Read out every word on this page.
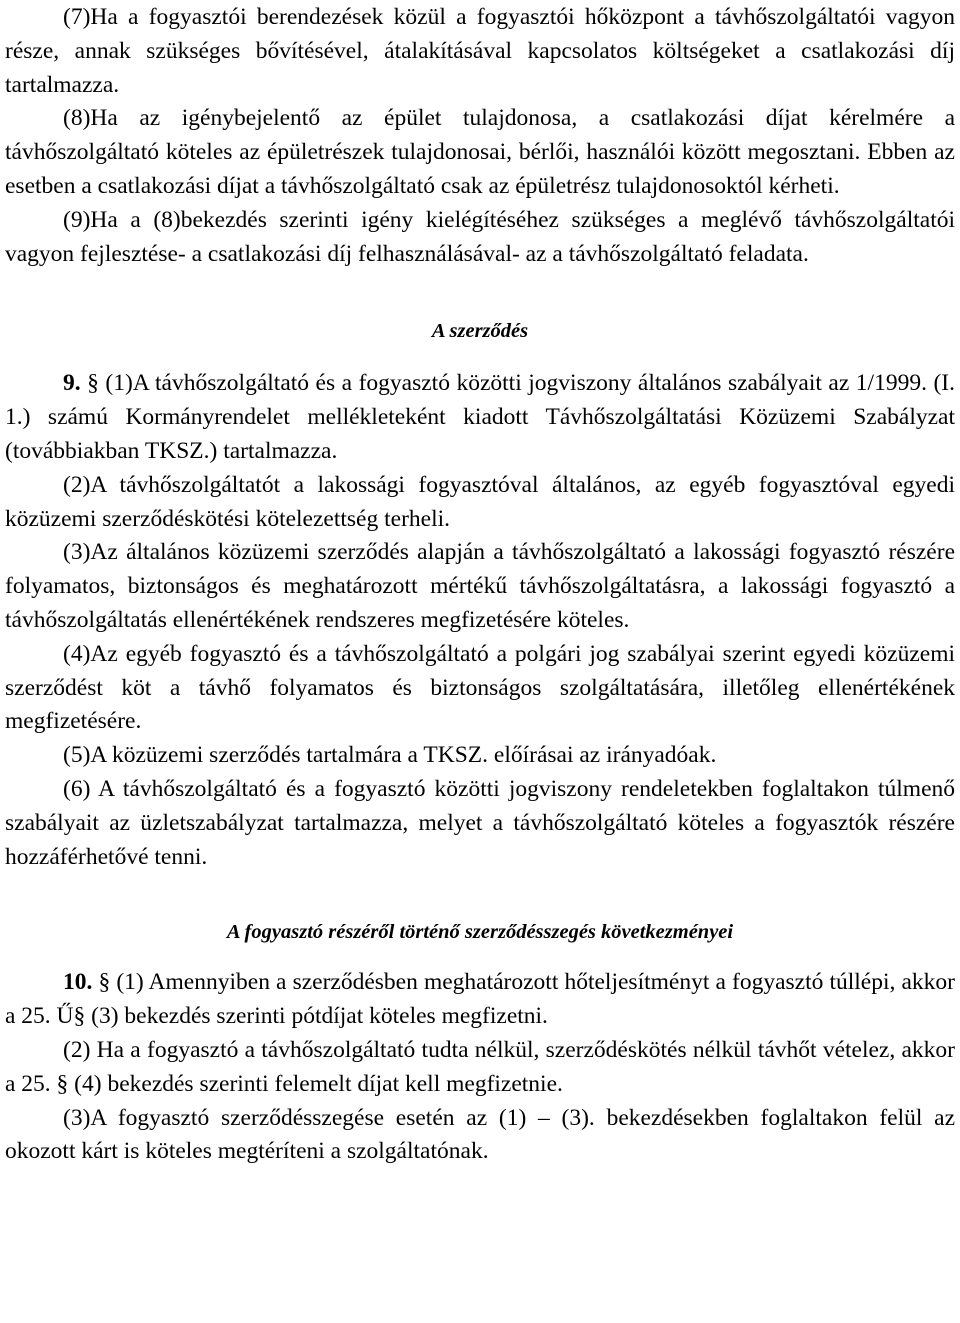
(7)Ha a fogyasztói berendezések közül a fogyasztói hőközpont a távhőszolgáltatói vagyon része, annak szükséges bővítésével, átalakításával kapcsolatos költségeket a csatlakozási díj tartalmazza.

(8)Ha az igénybejelentő az épület tulajdonosa, a csatlakozási díjat kérelmére a távhőszolgáltató köteles az épületrészek tulajdonosai, bérlői, használói között megosztani. Ebben az esetben a csatlakozási díjat a távhőszolgáltató csak az épületrész tulajdonosoktól kérheti.

(9)Ha a (8)bekezdés szerinti igény kielégítéséhez szükséges a meglévő távhőszolgáltatói vagyon fejlesztése- a csatlakozási díj felhasználásával- az a távhőszolgáltató feladata.

A szerződés

9. § (1)A távhőszolgáltató és a fogyasztó közötti jogviszony általános szabályait az 1/1999. (I. 1.) számú Kormányrendelet mellékleteként kiadott Távhőszolgáltatási Közüzemi Szabályzat (továbbiakban TKSZ.) tartalmazza.

(2)A távhőszolgáltatót a lakossági fogyasztóval általános, az egyéb fogyasztóval egyedi közüzemi szerződéskötési kötelezettség terheli.

(3)Az általános közüzemi szerződés alapján a távhőszolgáltató a lakossági fogyasztó részére folyamatos, biztonságos és meghatározott mértékű távhőszolgáltatásra, a lakossági fogyasztó a távhőszolgáltatás ellenértékének rendszeres megfizetésére köteles.

(4)Az egyéb fogyasztó és a távhőszolgáltató a polgári jog szabályai szerint egyedi közüzemi szerződést köt a távhő folyamatos és biztonságos szolgáltatására, illetőleg ellenértékének megfizetésére.

(5)A közüzemi szerződés tartalmára a TKSZ. előírásai az irányadóak.

(6) A távhőszolgáltató és a fogyasztó közötti jogviszony rendeletekben foglaltakon túlmenő szabályait az üzletszabályzat tartalmazza, melyet a távhőszolgáltató köteles a fogyasztók részére hozzáférhetővé tenni.

A fogyasztó részéről történő szerződésszegés következményei

10. § (1) Amennyiben a szerződésben meghatározott hőteljesítményt a fogyasztó túllépi, akkor a 25. Ű§ (3) bekezdés szerinti pótdíjat köteles megfizetni.

(2) Ha a fogyasztó a távhőszolgáltató tudta nélkül, szerződéskötés nélkül távhőt vételez, akkor a 25. § (4) bekezdés szerinti felemelt díjat kell megfizetnie.

(3)A fogyasztó szerződésszegése esetén az (1) – (3). bekezdésekben foglaltakon felül az okozott kárt is köteles megtéríteni a szolgáltatónak.
